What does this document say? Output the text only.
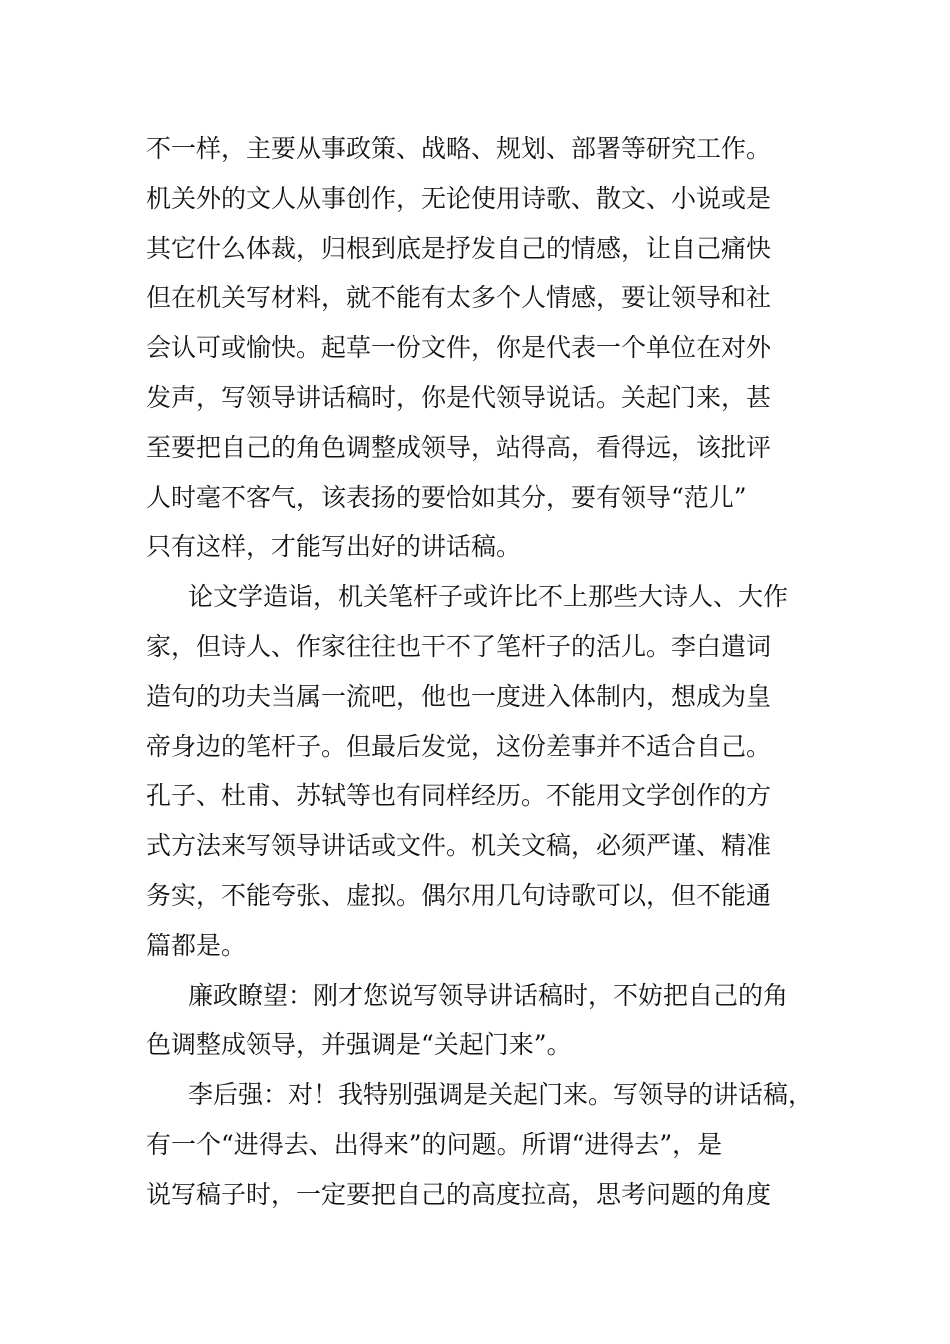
不一样，主要从事政策、战略、规划、部署等研究工作。
机关外的文人从事创作，无论使用诗歌、散文、小说或是
其它什么体裁，归根到底是抒发自己的情感，让自己痛快
但在机关写材料，就不能有太多个人情感，要让领导和社
会认可或愉快。起草一份文件，你是代表一个单位在对外
发声，写领导讲话稿时，你是代领导说话。关起门来，甚
至要把自己的角色调整成领导，站得高，看得远，该批评
人时毫不客气，该表扬的要恰如其分，要有领导“范儿”
只有这样，才能写出好的讲话稿。
论文学造诣，机关笔杆子或许比不上那些大诗人、大作
家，但诗人、作家往往也干不了笔杆子的活儿。李白遣词
造句的功夫当属一流吧，他也一度进入体制内，想成为皇
帝身边的笔杆子。但最后发觉，这份差事并不适合自己。
孔子、杜甫、苏轼等也有同样经历。不能用文学创作的方
式方法来写领导讲话或文件。机关文稿，必须严谨、精准
务实，不能夸张、虚拟。偶尔用几句诗歌可以，但不能通
篇都是。
廉政瞭望：刚才您说写领导讲话稿时，不妨把自己的角
色调整成领导，并强调是“关起门来”。
李后强：对！我特别强调是关起门来。写领导的讲话稿，
有一个“进得去、出得来”的问题。所谓“进得去”，是
说写稿子时，一定要把自己的高度拉高，思考问题的角度
